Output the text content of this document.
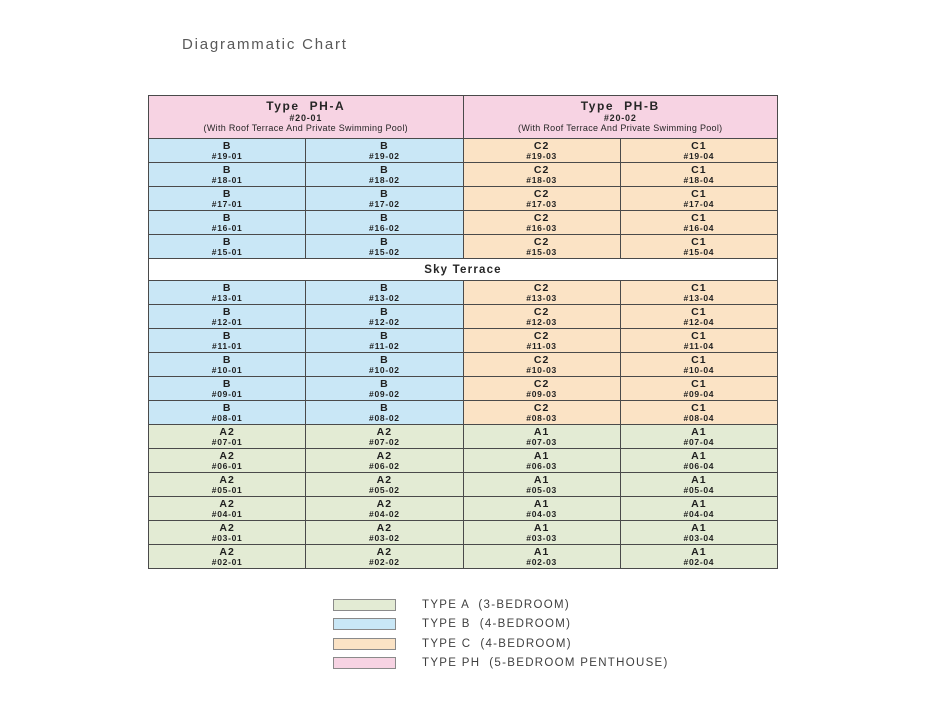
Diagrammatic Chart
Type  PH-A
#20-01
(With Roof Terrace And Private Swimming Pool)
Type  PH-B
#20-02
(With Roof Terrace And Private Swimming Pool)
B
#19-01
B
#19-02
C2
#19-03
C1
#19-04
B
#18-01
B
#18-02
C2
#18-03
C1
#18-04
B
#17-01
B
#17-02
C2
#17-03
C1
#17-04
B
#16-01
B
#16-02
C2
#16-03
C1
#16-04
B
#15-01
B
#15-02
C2
#15-03
C1
#15-04
Sky Terrace
B
#13-01
B
#13-02
C2
#13-03
C1
#13-04
B
#12-01
B
#12-02
C2
#12-03
C1
#12-04
B
#11-01
B
#11-02
C2
#11-03
C1
#11-04
B
#10-01
B
#10-02
C2
#10-03
C1
#10-04
B
#09-01
B
#09-02
C2
#09-03
C1
#09-04
B
#08-01
B
#08-02
C2
#08-03
C1
#08-04
A2
#07-01
A2
#07-02
A1
#07-03
A1
#07-04
A2
#06-01
A2
#06-02
A1
#06-03
A1
#06-04
A2
#05-01
A2
#05-02
A1
#05-03
A1
#05-04
A2
#04-01
A2
#04-02
A1
#04-03
A1
#04-04
A2
#03-01
A2
#03-02
A1
#03-03
A1
#03-04
A2
#02-01
A2
#02-02
A1
#02-03
A1
#02-04
TYPE A  (3-BEDROOM)
TYPE B  (4-BEDROOM)
TYPE C  (4-BEDROOM)
TYPE PH  (5-BEDROOM PENTHOUSE)
